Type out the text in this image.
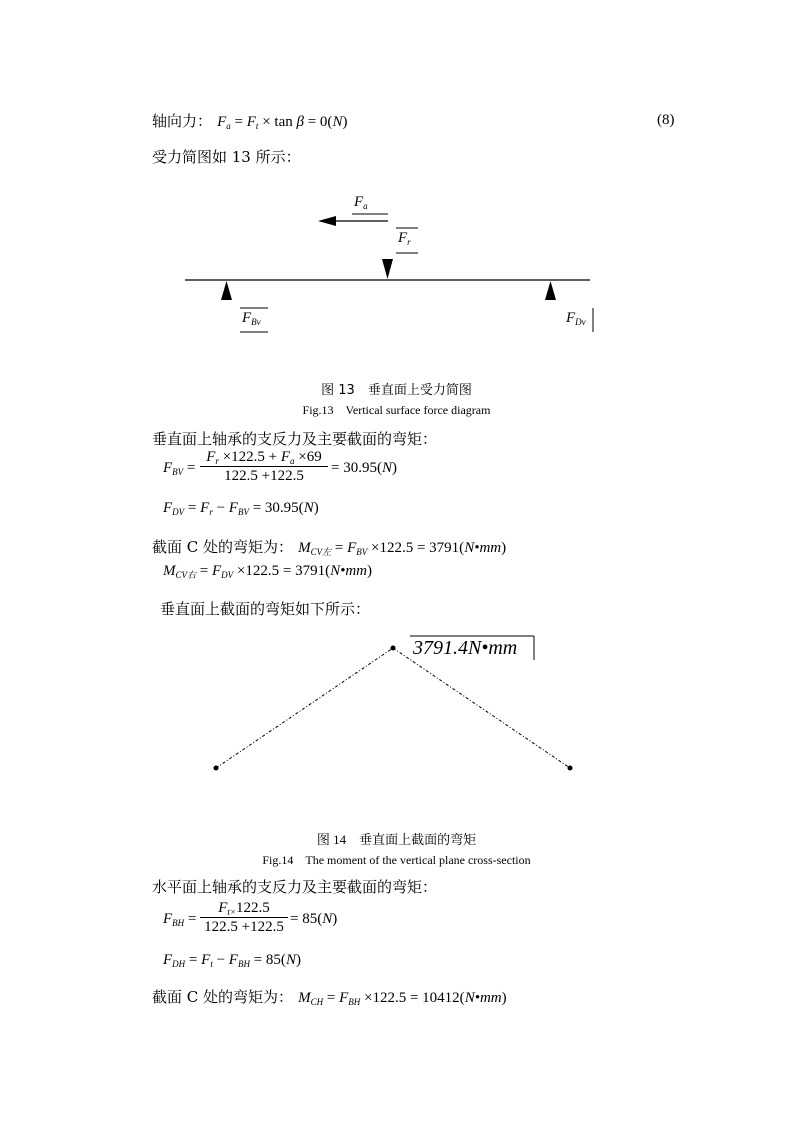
轴向力： $F_a = F_t \times \tan \beta = 0(N)$	(8)
受力简图如 13 所示：
$F_a$
$F_r$
$F_{Bv}$	$F_{Dv}$
图 13　垂直面上受力简图
Fig.13　Vertical surface force diagram
垂直面上轴承的支反力及主要截面的弯矩：
$F_{BV}$ =
$F_r \times 122.5 + F_a \times 69$
122.5 +122.5	= 30.95(N)
$F_{DV} = F_r - F_{BV} = 30.95(N)$
截面 C 处的弯矩为： $M_{CV左} = F_{BV} \times 122.5$ = 3791(N•mm)
$M_{CV右} = F_{DV} \times 122.5$ = 3791(N•mm)
垂直面上截面的弯矩如下所示：
3791.4N•mm
图 14　垂直面上截面的弯矩
Fig.14　The moment of the vertical plane cross-section
水平面上轴承的支反力及主要截面的弯矩：
$F_{BH}$ =
$F_{t\times}122.5$
122.5 +122.5 = 85(N)
$F_{DH} = F_t - F_{BH} = 85(N)$
截面 C 处的弯矩为： $M_{CH} = F_{BH} \times 122.5$ = 10412(N•mm)
